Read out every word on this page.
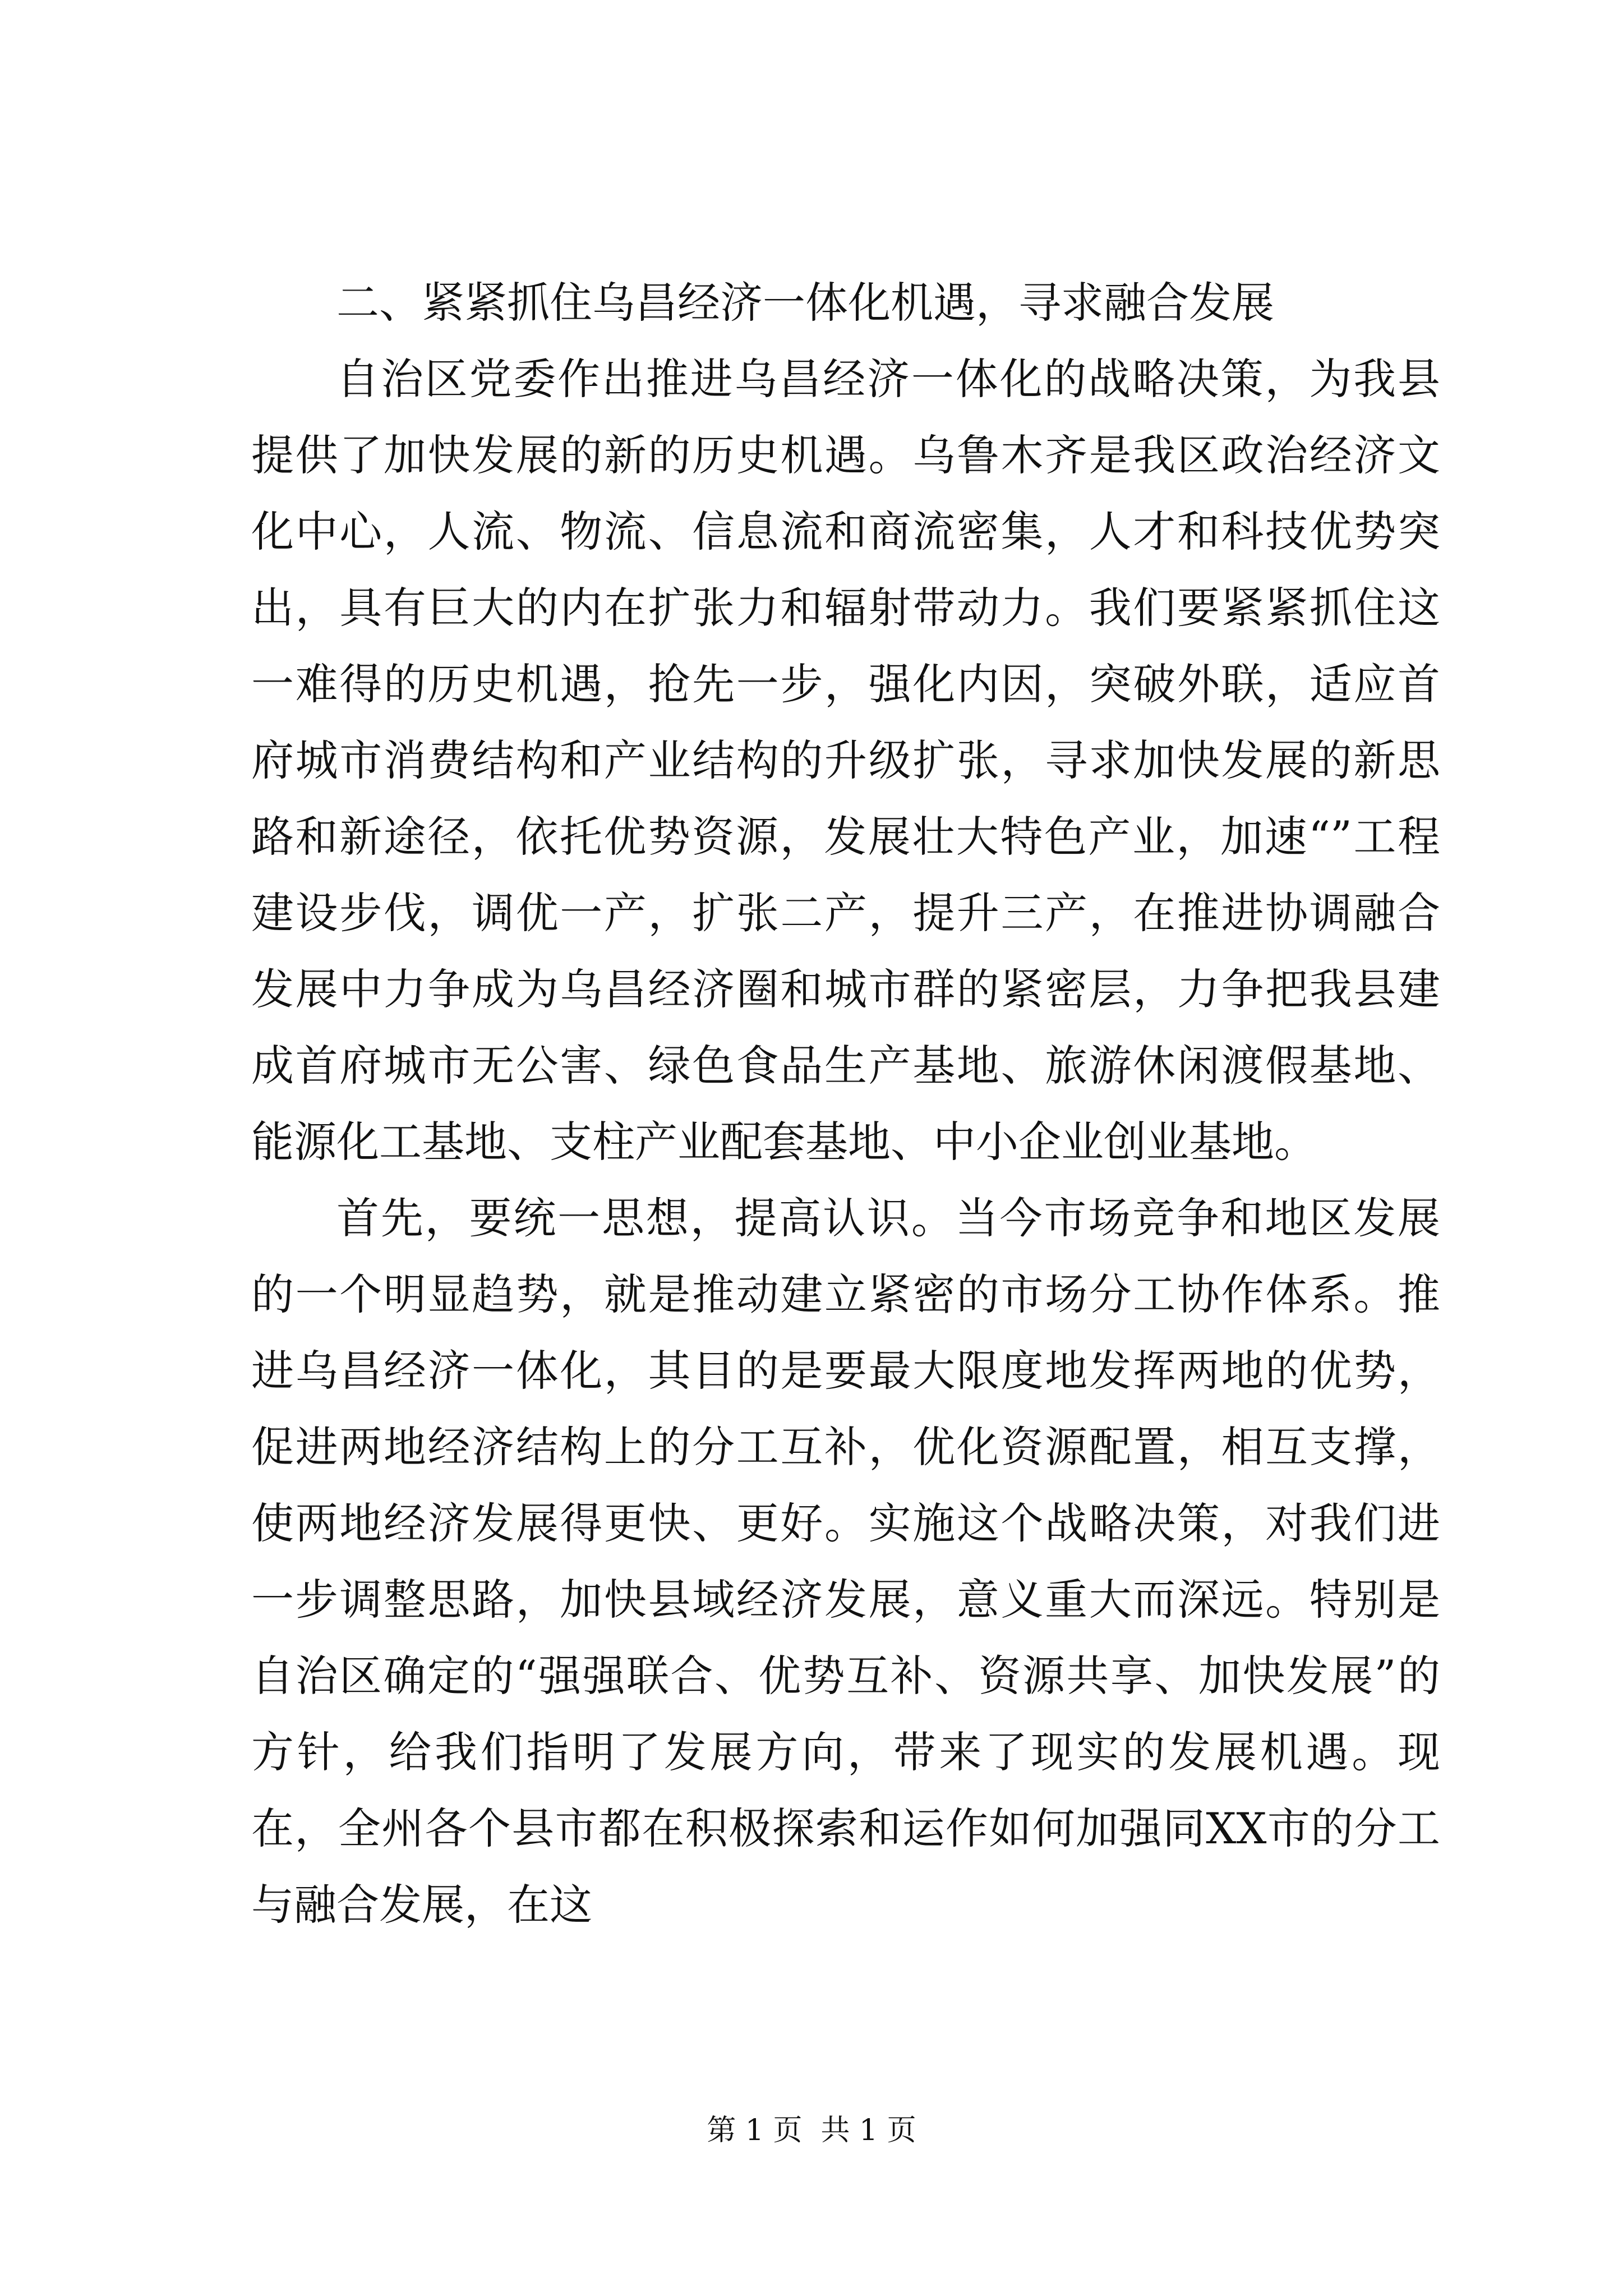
二、紧紧抓住乌昌经济一体化机遇，寻求融合发展

自治区党委作出推进乌昌经济一体化的战略决策，为我县提供了加快发展的新的历史机遇。乌鲁木齐是我区政治经济文化中心，人流、物流、信息流和商流密集，人才和科技优势突出，具有巨大的内在扩张力和辐射带动力。我们要紧紧抓住这一难得的历史机遇，抢先一步，强化内因，突破外联，适应首府城市消费结构和产业结构的升级扩张，寻求加快发展的新思路和新途径，依托优势资源，发展壮大特色产业，加速“”工程建设步伐，调优一产，扩张二产，提升三产，在推进协调融合发展中力争成为乌昌经济圈和城市群的紧密层，力争把我县建成首府城市无公害、绿色食品生产基地、旅游休闲渡假基地、能源化工基地、支柱产业配套基地、中小企业创业基地。

首先，要统一思想，提高认识。当今市场竞争和地区发展的一个明显趋势，就是推动建立紧密的市场分工协作体系。推进乌昌经济一体化，其目的是要最大限度地发挥两地的优势，促进两地经济结构上的分工互补，优化资源配置，相互支撑，使两地经济发展得更快、更好。实施这个战略决策，对我们进一步调整思路，加快县域经济发展，意义重大而深远。特别是自治区确定的“强强联合、优势互补、资源共享、加快发展”的方针，给我们指明了发展方向，带来了现实的发展机遇。现在，全州各个县市都在积极探索和运作如何加强同XX市的分工与融合发展，在这

第 1 页  共 1 页
